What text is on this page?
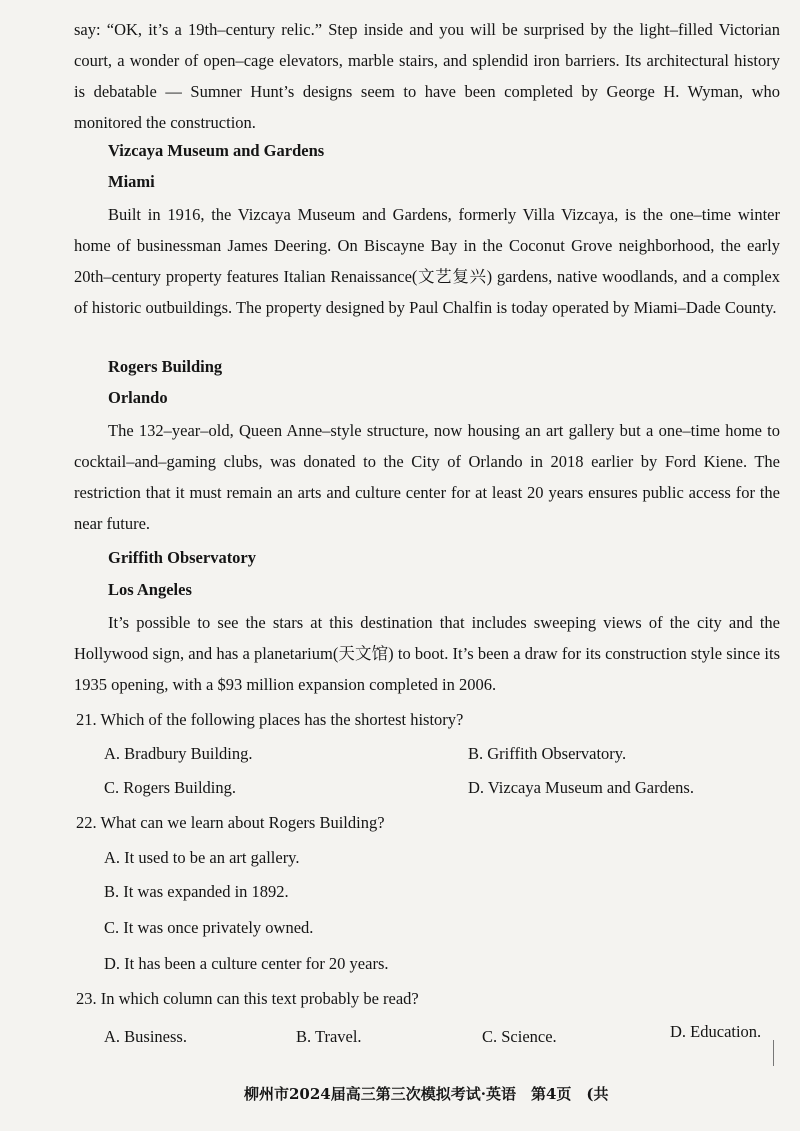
say: “OK, it’s a 19th–century relic.” Step inside and you will be surprised by the light–filled Victorian court, a wonder of open–cage elevators, marble stairs, and splendid iron barriers. Its architectural history is debatable — Sumner Hunt’s designs seem to have been completed by George H. Wyman, who monitored the construction.

Vizcaya Museum and Gardens

Miami

Built in 1916, the Vizcaya Museum and Gardens, formerly Villa Vizcaya, is the one–time winter home of businessman James Deering. On Biscayne Bay in the Coconut Grove neighborhood, the early 20th–century property features Italian Renaissance(文艺复兴) gardens, native woodlands, and a complex of historic outbuildings. The property designed by Paul Chalfin is today operated by Miami–Dade County.

Rogers Building

Orlando

The 132–year–old, Queen Anne–style structure, now housing an art gallery but a one–time home to cocktail–and–gaming clubs, was donated to the City of Orlando in 2018 earlier by Ford Kiene. The restriction that it must remain an arts and culture center for at least 20 years ensures public access for the near future.

Griffith Observatory

Los Angeles

It’s possible to see the stars at this destination that includes sweeping views of the city and the Hollywood sign, and has a planetarium(天文馆) to boot. It’s been a draw for its construction style since its 1935 opening, with a $93 million expansion completed in 2006.

21. Which of the following places has the shortest history?

A. Bradbury Building.	B. Griffith Observatory.

C. Rogers Building.	D. Vizcaya Museum and Gardens.

22. What can we learn about Rogers Building?

A. It used to be an art gallery.

B. It was expanded in 1892.

C. It was once privately owned.

D. It has been a culture center for 20 years.

23. In which column can this text probably be read?

A. Business.	B. Travel.	C. Science.	D. Education.

柳州市2024届高三第三次模拟考试·英语　第4页　(共
